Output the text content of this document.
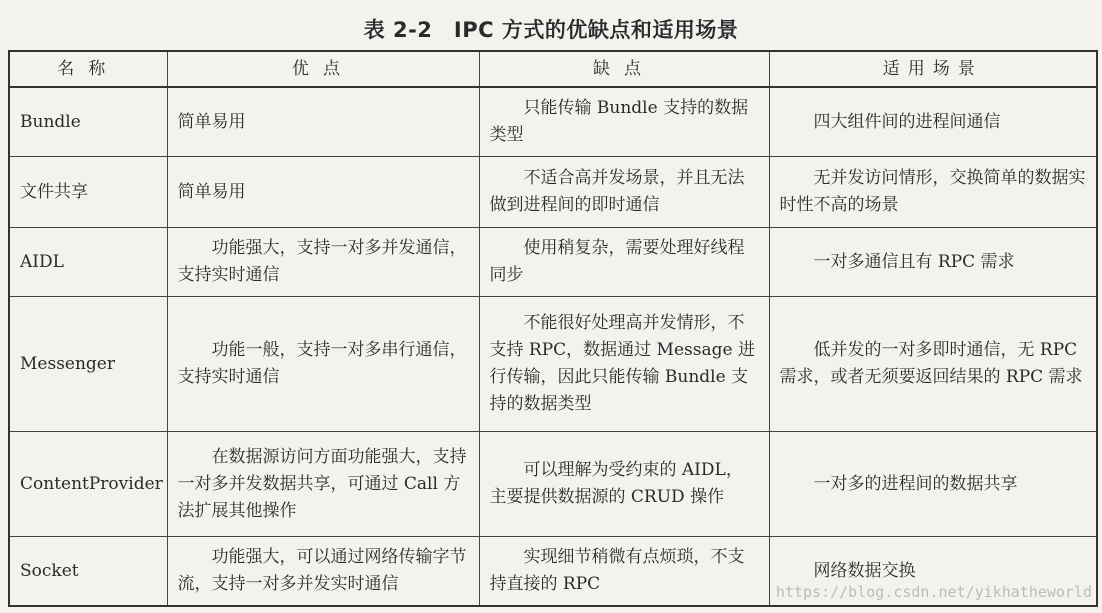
表 2-2　IPC 方式的优缺点和适用场景
名称	优点	缺点	适用场景
Bundle	简单易用	只能传输 Bundle 支持的数据类型	四大组件间的进程间通信
文件共享	简单易用	不适合高并发场景，并且无法做到进程间的即时通信	无并发访问情形，交换简单的数据实时性不高的场景
AIDL	功能强大，支持一对多并发通信，支持实时通信	使用稍复杂，需要处理好线程同步	一对多通信且有 RPC 需求
Messenger	功能一般，支持一对多串行通信，支持实时通信	不能很好处理高并发情形，不支持 RPC，数据通过 Message 进行传输，因此只能传输 Bundle 支持的数据类型	低并发的一对多即时通信，无 RPC 需求，或者无须要返回结果的 RPC 需求
ContentProvider	在数据源访问方面功能强大，支持一对多并发数据共享，可通过 Call 方法扩展其他操作	可以理解为受约束的 AIDL，主要提供数据源的 CRUD 操作	一对多的进程间的数据共享
Socket	功能强大，可以通过网络传输字节流，支持一对多并发实时通信	实现细节稍微有点烦琐，不支持直接的 RPC	网络数据交换
https://blog.csdn.net/yikhatheworld
